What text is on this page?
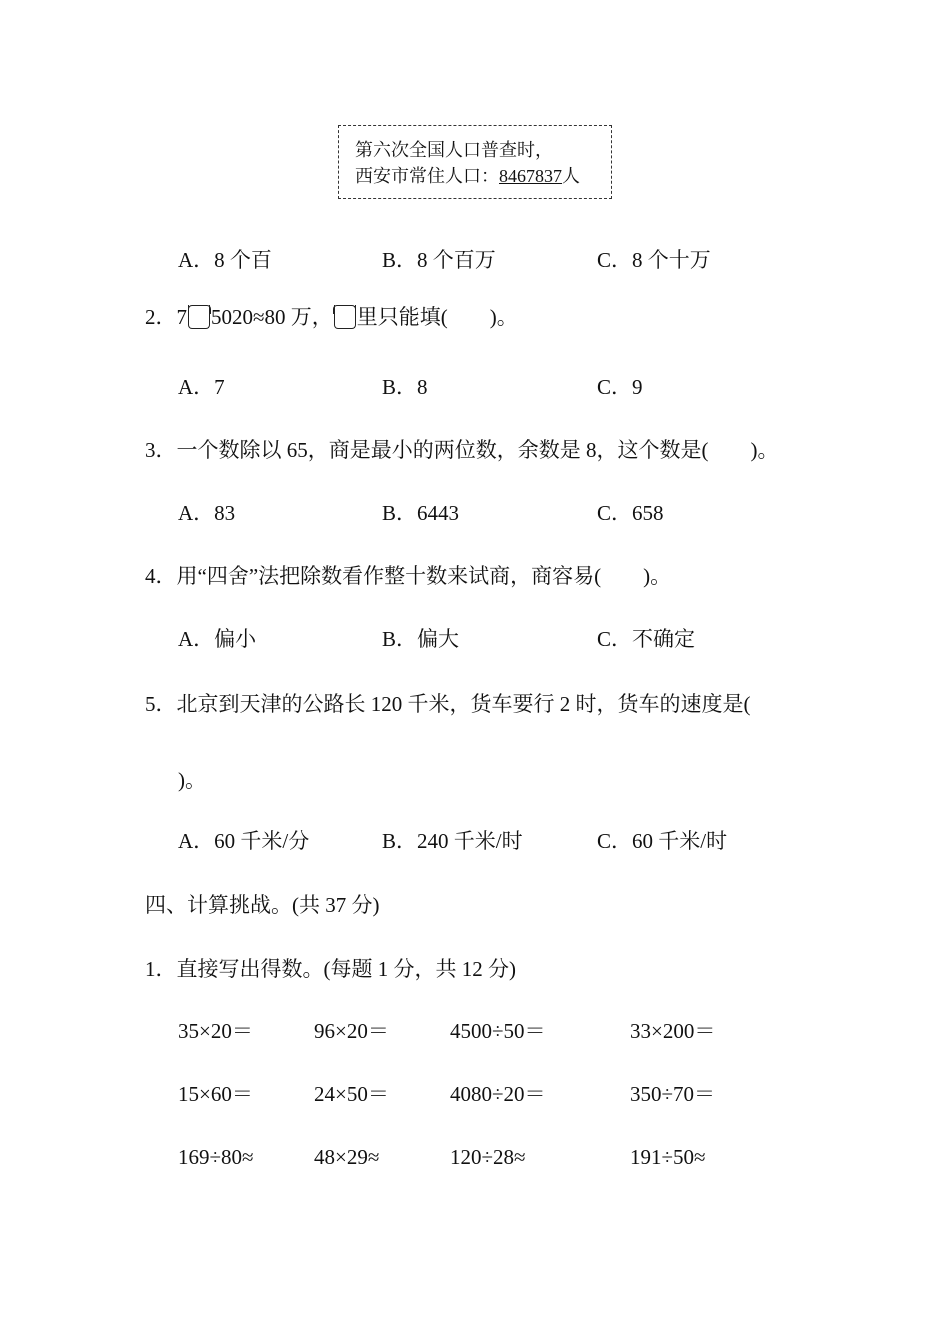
第六次全国人口普查时，
西安市常住人口：8467837人
A．8 个百	B．8 个百万	C．8 个十万
2．7 5020≈80 万， 里只能填(　　)。
A．7	B．8	C．9
3．一个数除以 65，商是最小的两位数，余数是 8，这个数是(　　)。
A．83	B．6443	C．658
4．用“四舍”法把除数看作整十数来试商，商容易(　　)。
A．偏小	B．偏大	C．不确定
5．北京到天津的公路长 120 千米，货车要行 2 时，货车的速度是(
)。
A．60 千米/分	B．240 千米/时	C．60 千米/时
四、计算挑战。(共 37 分)
1．直接写出得数。(每题 1 分，共 12 分)
35×20＝	96×20＝	4500÷50＝	33×200＝
15×60＝	24×50＝	4080÷20＝	350÷70＝
169÷80≈	48×29≈	120÷28≈	191÷50≈
